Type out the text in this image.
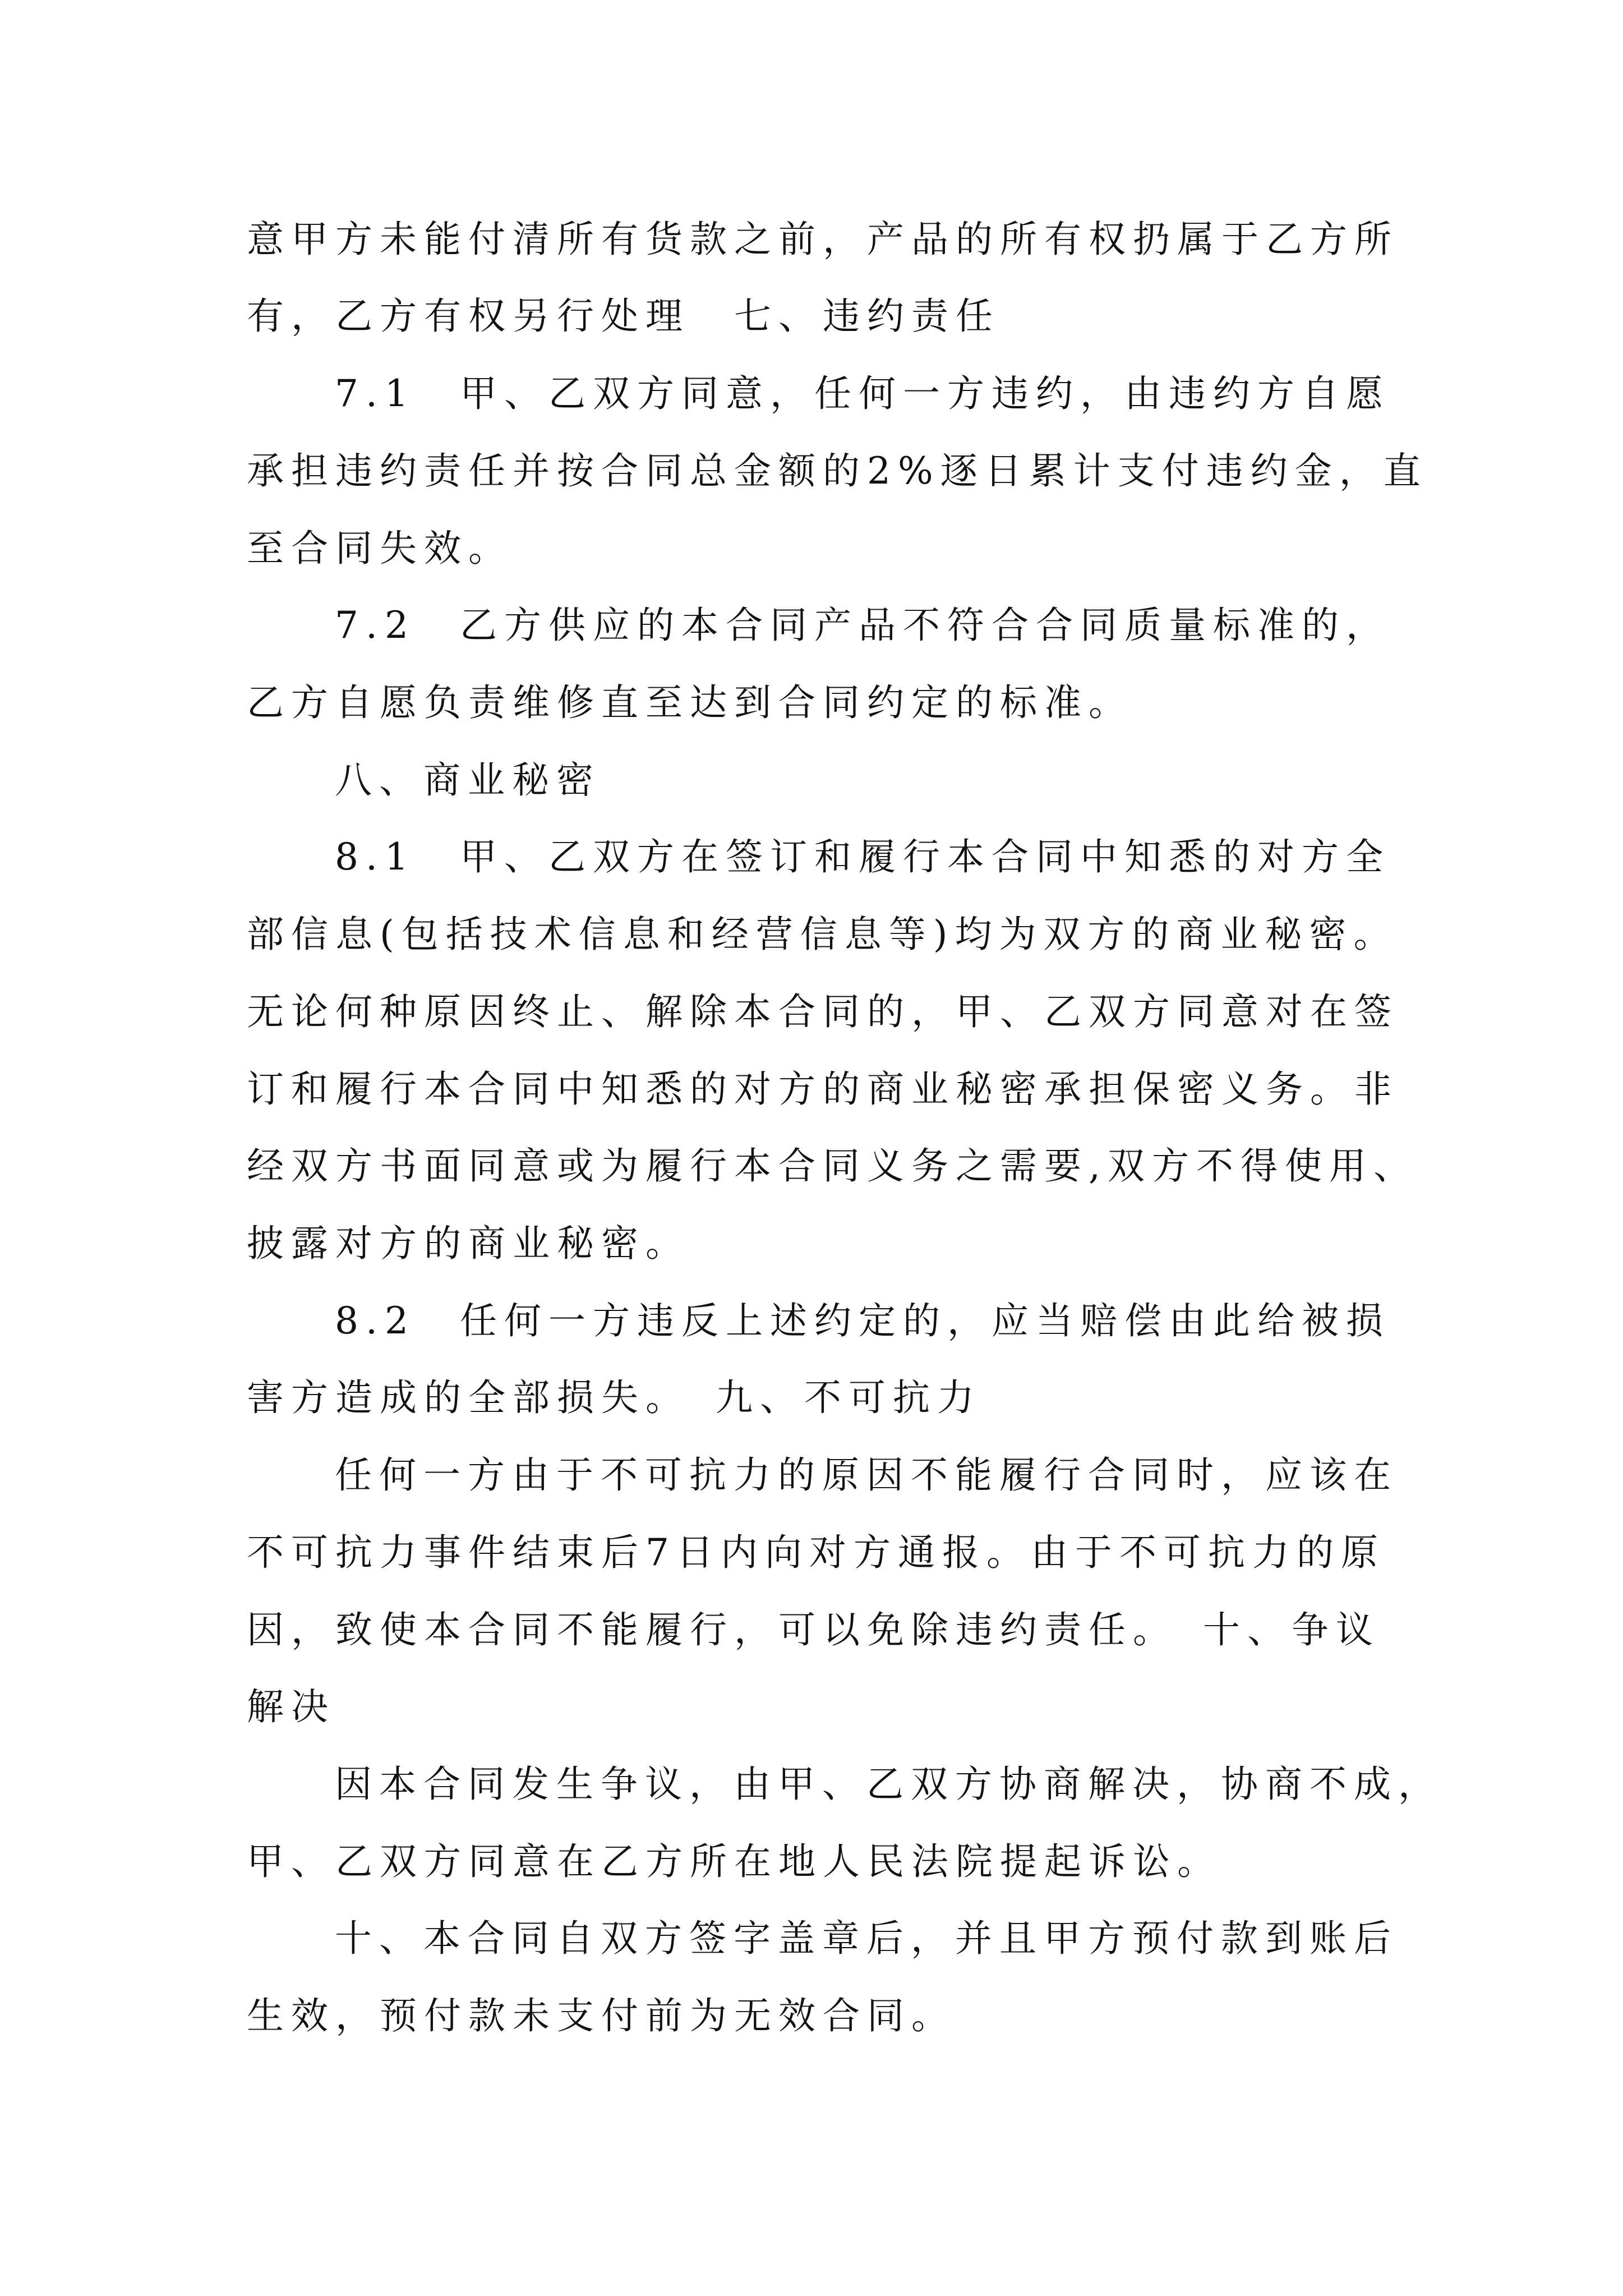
意甲方未能付清所有货款之前，产品的所有权扔属于乙方所
有，乙方有权另行处理　七、违约责任
7.1　甲、乙双方同意，任何一方违约，由违约方自愿
承担违约责任并按合同总金额的2%逐日累计支付违约金，直
至合同失效。
7.2　乙方供应的本合同产品不符合合同质量标准的，
乙方自愿负责维修直至达到合同约定的标准。
八、商业秘密
8.1　甲、乙双方在签订和履行本合同中知悉的对方全
部信息(包括技术信息和经营信息等)均为双方的商业秘密。
无论何种原因终止、解除本合同的，甲、乙双方同意对在签
订和履行本合同中知悉的对方的商业秘密承担保密义务。非
经双方书面同意或为履行本合同义务之需要,双方不得使用、
披露对方的商业秘密。
8.2　任何一方违反上述约定的，应当赔偿由此给被损
害方造成的全部损失。　九、不可抗力
任何一方由于不可抗力的原因不能履行合同时，应该在
不可抗力事件结束后7日内向对方通报。由于不可抗力的原
因，致使本合同不能履行，可以免除违约责任。　十、争议
解决
因本合同发生争议，由甲、乙双方协商解决，协商不成，
甲、乙双方同意在乙方所在地人民法院提起诉讼。
十、本合同自双方签字盖章后，并且甲方预付款到账后
生效，预付款未支付前为无效合同。
